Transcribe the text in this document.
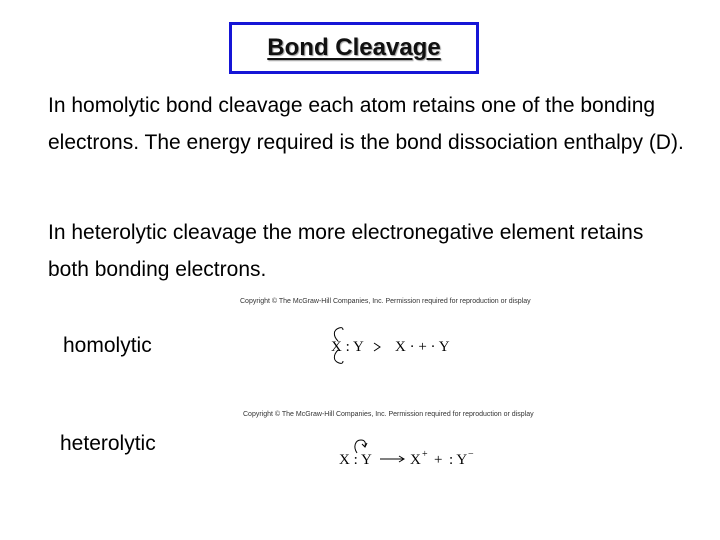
Bond Cleavage

In homolytic bond cleavage each atom retains one of the bonding electrons. The energy required is the bond dissociation enthalpy (D).

In heterolytic cleavage the more electronegative element retains both bonding electrons.

Copyright © The McGraw-Hill Companies, Inc. Permission required for reproduction or display
homolytic	X : Y X · + · Y
Copyright © The McGraw-Hill Companies, Inc. Permission required for reproduction or display
heterolytic
X : Y	X + + : Y −
